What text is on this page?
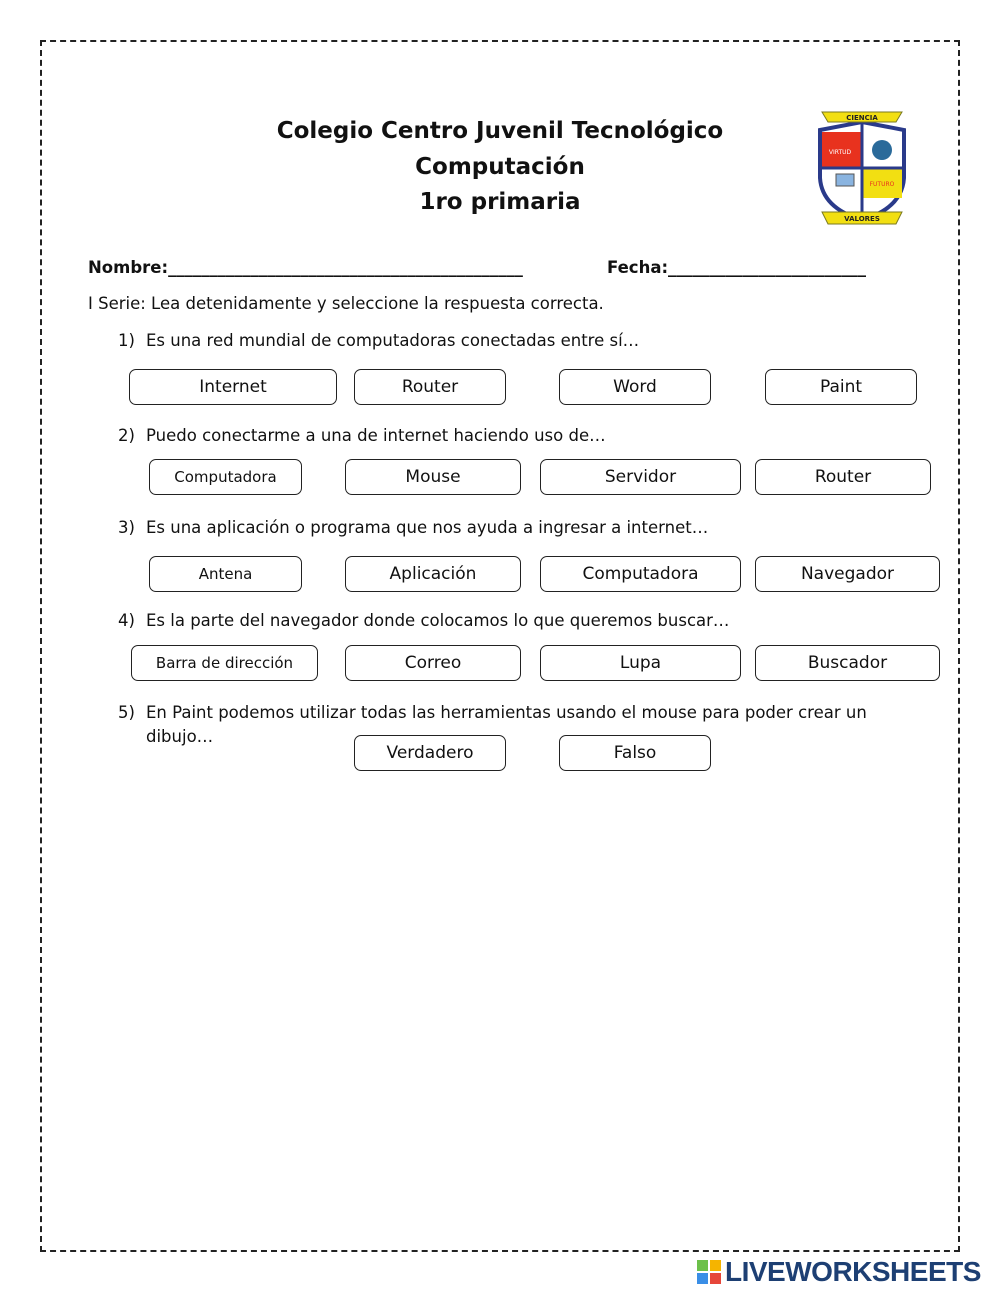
Colegio Centro Juvenil Tecnológico
Computación
1ro primaria
CIENCIA
VIRTUD
FUTURO
VALORES
Nombre:___________________________________________	Fecha:________________________
I Serie: Lea detenidamente y seleccione la respuesta correcta.
1) Es una red mundial de computadoras conectadas entre sí…
Internet	Router	Word	Paint
2) Puedo conectarme a una de internet haciendo uso de…
Computadora	Mouse	Servidor	Router
3) Es una aplicación o programa que nos ayuda a ingresar a internet…
Antena	Aplicación	Computadora	Navegador
4) Es la parte del navegador donde colocamos lo que queremos buscar…
Barra de dirección	Correo	Lupa	Buscador
5) En Paint podemos utilizar todas las herramientas usando el mouse para poder crear un
dibujo…
Verdadero	Falso
LIVEWORKSHEETS
